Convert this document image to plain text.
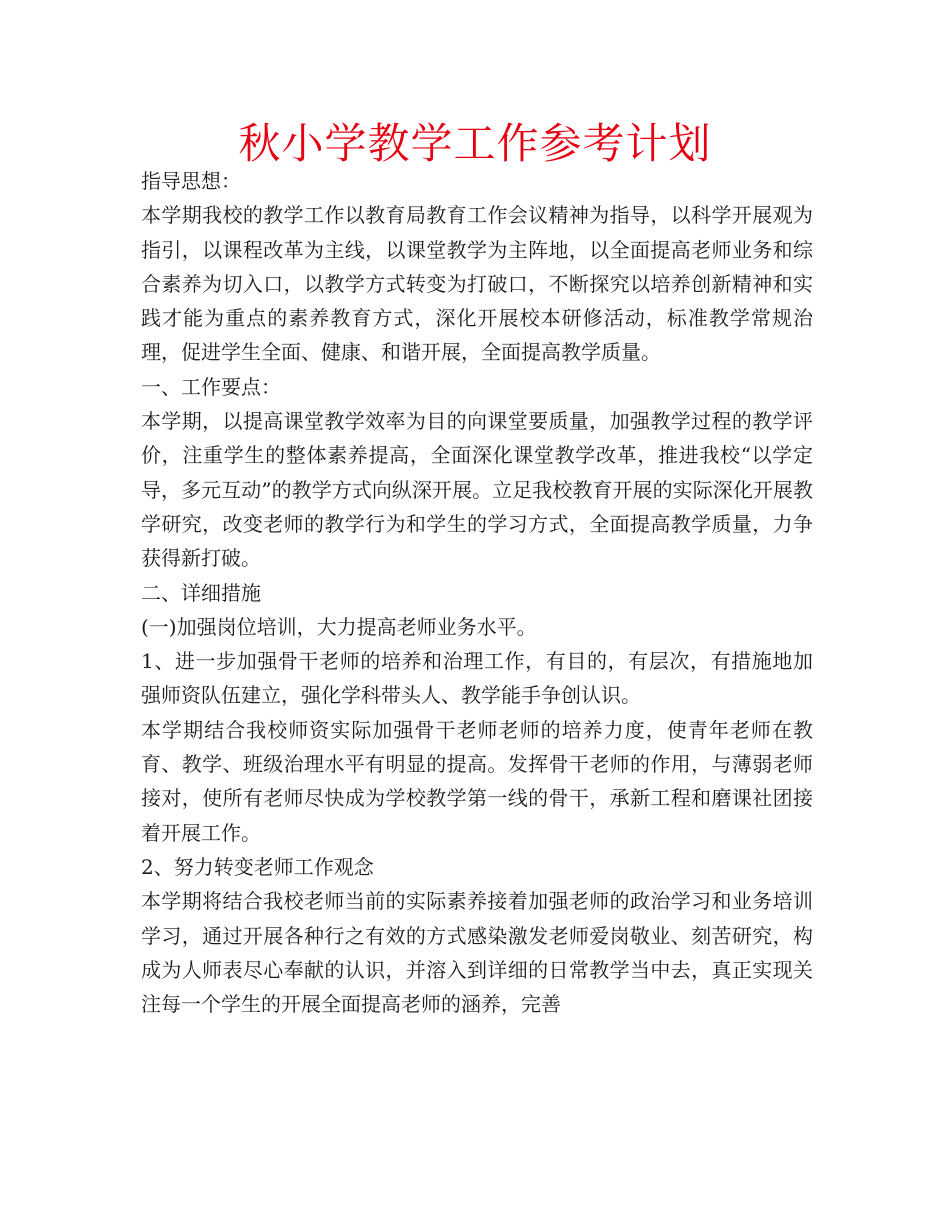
秋小学教学工作参考计划

指导思想：

本学期我校的教学工作以教育局教育工作会议精神为指导，以科学开展观为指引，以课程改革为主线，以课堂教学为主阵地，以全面提高老师业务和综合素养为切入口，以教学方式转变为打破口，不断探究以培养创新精神和实践才能为重点的素养教育方式，深化开展校本研修活动，标准教学常规治理，促进学生全面、健康、和谐开展，全面提高教学质量。

一、工作要点：

本学期，以提高课堂教学效率为目的向课堂要质量，加强教学过程的教学评价，注重学生的整体素养提高，全面深化课堂教学改革，推进我校“以学定导，多元互动”的教学方式向纵深开展。立足我校教育开展的实际深化开展教学研究，改变老师的教学行为和学生的学习方式，全面提高教学质量，力争获得新打破。

二、详细措施

(一)加强岗位培训，大力提高老师业务水平。

1、进一步加强骨干老师的培养和治理工作，有目的，有层次，有措施地加强师资队伍建立，强化学科带头人、教学能手争创认识。

本学期结合我校师资实际加强骨干老师老师的培养力度，使青年老师在教育、教学、班级治理水平有明显的提高。发挥骨干老师的作用，与薄弱老师接对，使所有老师尽快成为学校教学第一线的骨干，承新工程和磨课社团接着开展工作。

2、努力转变老师工作观念

本学期将结合我校老师当前的实际素养接着加强老师的政治学习和业务培训学习，通过开展各种行之有效的方式感染激发老师爱岗敬业、刻苦研究，构成为人师表尽心奉献的认识，并溶入到详细的日常教学当中去，真正实现关注每一个学生的开展全面提高老师的涵养，完善
